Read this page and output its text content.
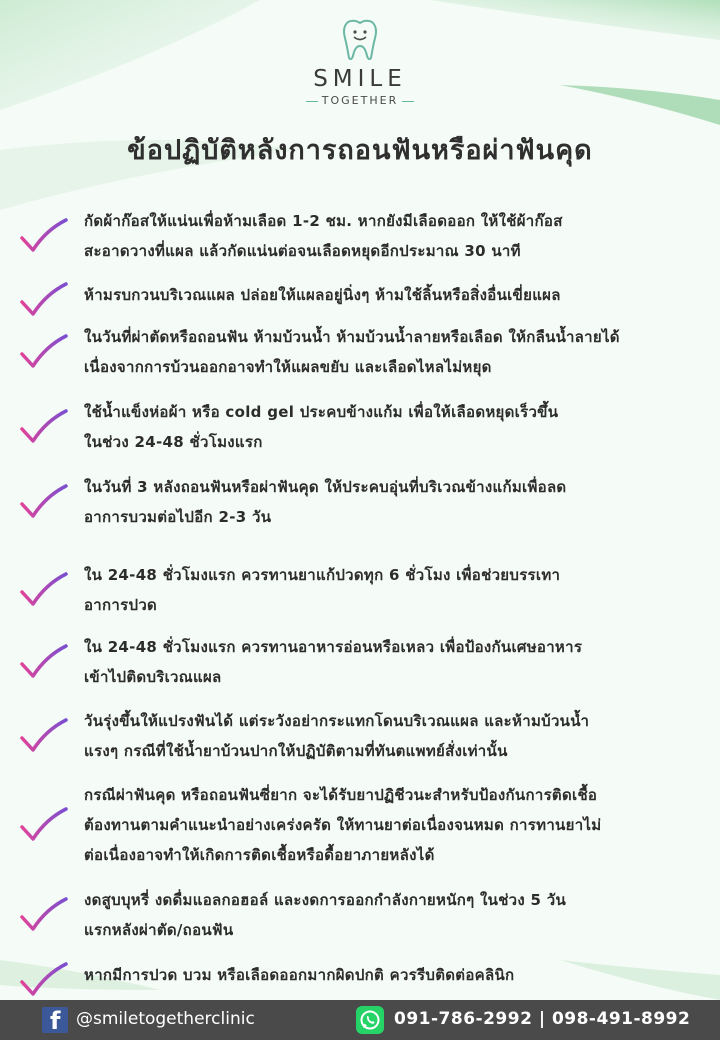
SMILE
TOGETHER
ข้อปฏิบัติหลังการถอนฟันหรือผ่าฟันคุด
กัดผ้าก๊อสให้แน่นเพื่อห้ามเลือด 1-2 ชม. หากยังมีเลือดออก ให้ใช้ผ้าก๊อส
สะอาดวางที่แผล แล้วกัดแน่นต่อจนเลือดหยุดอีกประมาณ 30 นาที
ห้ามรบกวนบริเวณแผล ปล่อยให้แผลอยู่นิ่งๆ ห้ามใช้ลิ้นหรือสิ่งอื่นเขี่ยแผล
ในวันที่ผ่าตัดหรือถอนฟัน ห้ามบ้วนน้ำ ห้ามบ้วนน้ำลายหรือเลือด ให้กลืนน้ำลายได้
เนื่องจากการบ้วนออกอาจทำให้แผลขยับ และเลือดไหลไม่หยุด
ใช้น้ำแข็งห่อผ้า หรือ cold gel ประคบข้างแก้ม เพื่อให้เลือดหยุดเร็วขึ้น
ในช่วง 24-48 ชั่วโมงแรก
ในวันที่ 3 หลังถอนฟันหรือผ่าฟันคุด ให้ประคบอุ่นที่บริเวณข้างแก้มเพื่อลด
อาการบวมต่อไปอีก 2-3 วัน
ใน 24-48 ชั่วโมงแรก ควรทานยาแก้ปวดทุก 6 ชั่วโมง เพื่อช่วยบรรเทา
อาการปวด
ใน 24-48 ชั่วโมงแรก ควรทานอาหารอ่อนหรือเหลว เพื่อป้องกันเศษอาหาร
เข้าไปติดบริเวณแผล
วันรุ่งขึ้นให้แปรงฟันได้ แต่ระวังอย่ากระแทกโดนบริเวณแผล และห้ามบ้วนน้ำ
แรงๆ กรณีที่ใช้น้ำยาบ้วนปากให้ปฏิบัติตามที่ทันตแพทย์สั่งเท่านั้น
กรณีผ่าฟันคุด หรือถอนฟันซี่ยาก จะได้รับยาปฏิชีวนะสำหรับป้องกันการติดเชื้อ
ต้องทานตามคำแนะนำอย่างเคร่งครัด ให้ทานยาต่อเนื่องจนหมด การทานยาไม่
ต่อเนื่องอาจทำให้เกิดการติดเชื้อหรือดื้อยาภายหลังได้
งดสูบบุหรี่ งดดื่มแอลกอฮอล์ และงดการออกกำลังกายหนักๆ ในช่วง 5 วัน
แรกหลังผ่าตัด/ถอนฟัน
หากมีการปวด บวม หรือเลือดออกมากผิดปกติ ควรรีบติดต่อคลินิก
f @smiletogetherclinic	091-786-2992 | 098-491-8992
